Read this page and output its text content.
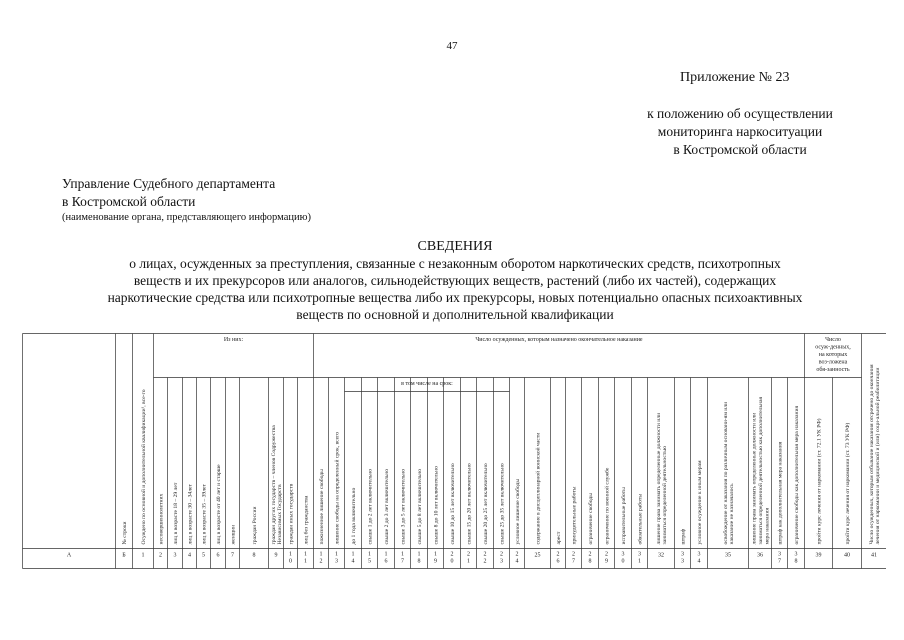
47
Приложение № 23
к положению об осуществлении
мониторинга наркоситуации
в Костромской области
Управление Судебного департамента
в Костромской области
(наименование органа, представляющего информацию)
СВЕДЕНИЯ
о лицах, осужденных за преступления, связанные с незаконным оборотом наркотических средств, психотропных
веществ и их прекурсоров или аналогов, сильнодействующих веществ, растений (либо их частей), содержащих
наркотические средства или психотропные вещества либо их прекурсоры, новых потенциально опасных психоактивных
веществ по основной и дополнительной квалификации
Из них:	Число осужденных, которым назначено окончательное наказание
в том числе на срок:
Число осуж-денных, на которых воз-ложена обя-занность
А
№ строки
Б
Осуждено по основной и дополнительной квалификации¹, все-го
1
несовершеннолетних
2
лиц в возрасте 18 – 29 лет
3
лиц в возрасте 30 – 34лет
4
лиц в возрасте 35 – 39лет
5
лиц в возрасте от 40 лет и старше
6
женщин
7
граждан России
8
граждан других государств – членов СодружестваНезависимых Государств
9
граждан иных государств
1 0
лиц без гражданства
1 1
пожизненное лишение свободы
1 2
лишение свободы на определенный срок, всего
1 3
до 1 года включительно
1 4
свыше 1 до 2 лет включительно
1 5
свыше 2 до 3 лет включительно
1 6
свыше 3 до 5 лет включительно
1 7
свыше 5 до 8 лет включительно
1 8
свыше 8 до 10 лет включительно
1 9
свыше 10 до 15 лет включительно
2 0
свыше 15 до 20 лет включительно
2 1
свыше 20 до 25 лет включительно
2 2
свыше 25 до 35 лет включительно
2 3
условное лишение свободы
2 4
содержание в дисциплинарной воинской части
25
арест
2 6
принудительные работы
2 7
ограничение свободы
2 8
ограничение по военной службе
2 9
исправительные работы
3 0
обязательные работы
3 1
лишение права занимать определенные должности илизаниматься определенной деятельностью
32
штраф
3 3
условное осуждение к иным мерам
3 4
освобождение от наказания по различным основани-ям илинаказание не назначалось
35
лишение права занимать определенные должности илизаниматься определенной деятельностью как дополнительнаямера наказания
36
штраф как дополнительная мера наказания
3 7
ограничение свободы как дополнительная мера наказания
3 8
пройти курс лечения от наркомании (ст. 72.1 УК РФ)
39
пройти курс лечения от наркомании (ст. 73 УК РФ)
40
Число осужденных, которым отбывание наказания отсрочено до окончаниялечения от наркомании и медицинской и (или) соци-альной реабилитации
41
